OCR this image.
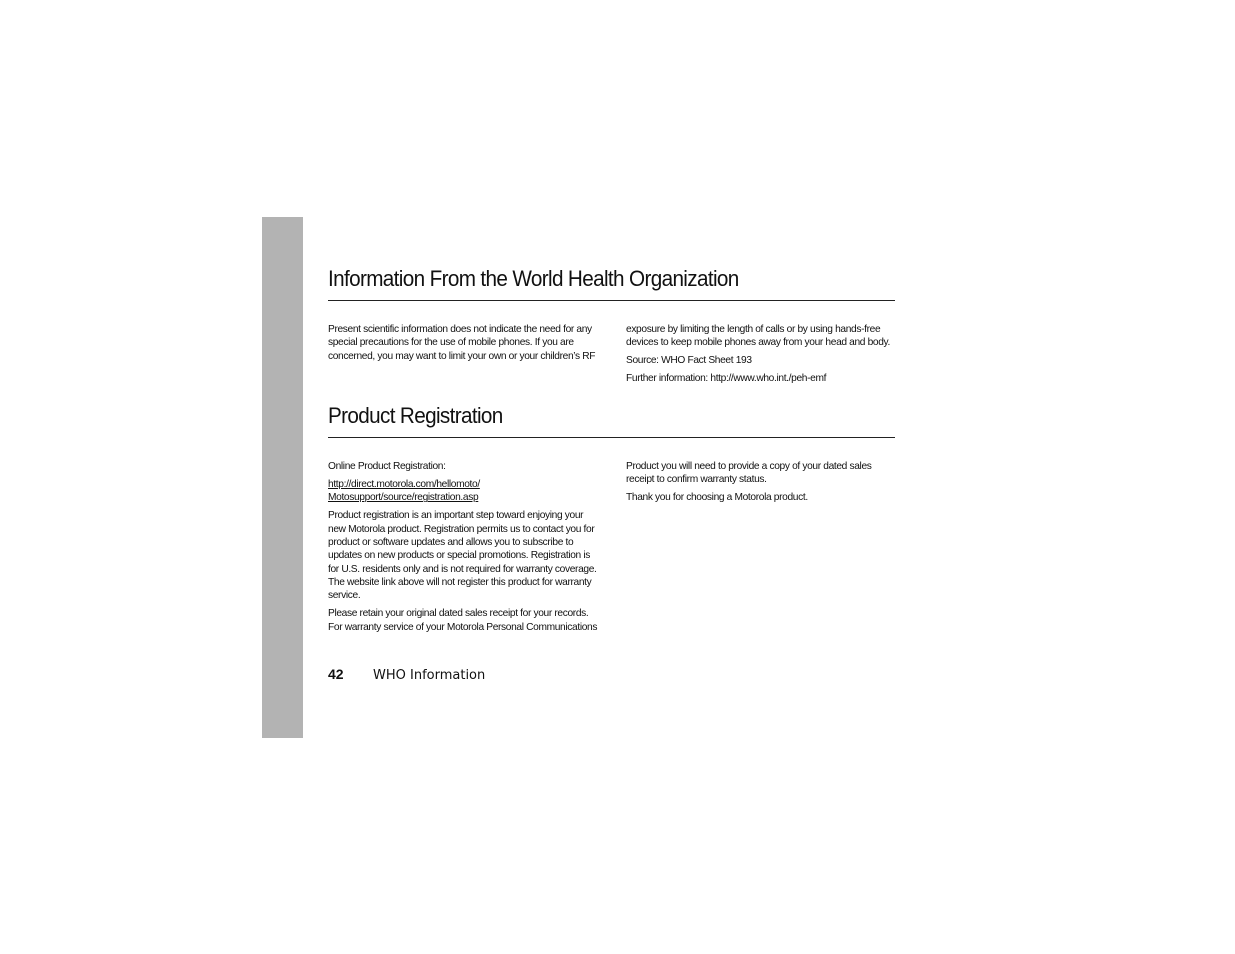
Information From the World Health Organization

Present scientific information does not indicate the need for any special precautions for the use of mobile phones. If you are concerned, you may want to limit your own or your children’s RF

exposure by limiting the length of calls or by using hands-free devices to keep mobile phones away from your head and body.

Source: WHO Fact Sheet 193

Further information: http://www.who.int./peh-emf

Product Registration

Online Product Registration:

http://direct.motorola.com/hellomoto/
Motosupport/source/registration.asp

Product registration is an important step toward enjoying your new Motorola product. Registration permits us to contact you for product or software updates and allows you to subscribe to updates on new products or special promotions. Registration is for U.S. residents only and is not required for warranty coverage. The website link above will not register this product for warranty service.

Please retain your original dated sales receipt for your records. For warranty service of your Motorola Personal Communications

Product you will need to provide a copy of your dated sales receipt to confirm warranty status.

Thank you for choosing a Motorola product.

42 WHO Information
